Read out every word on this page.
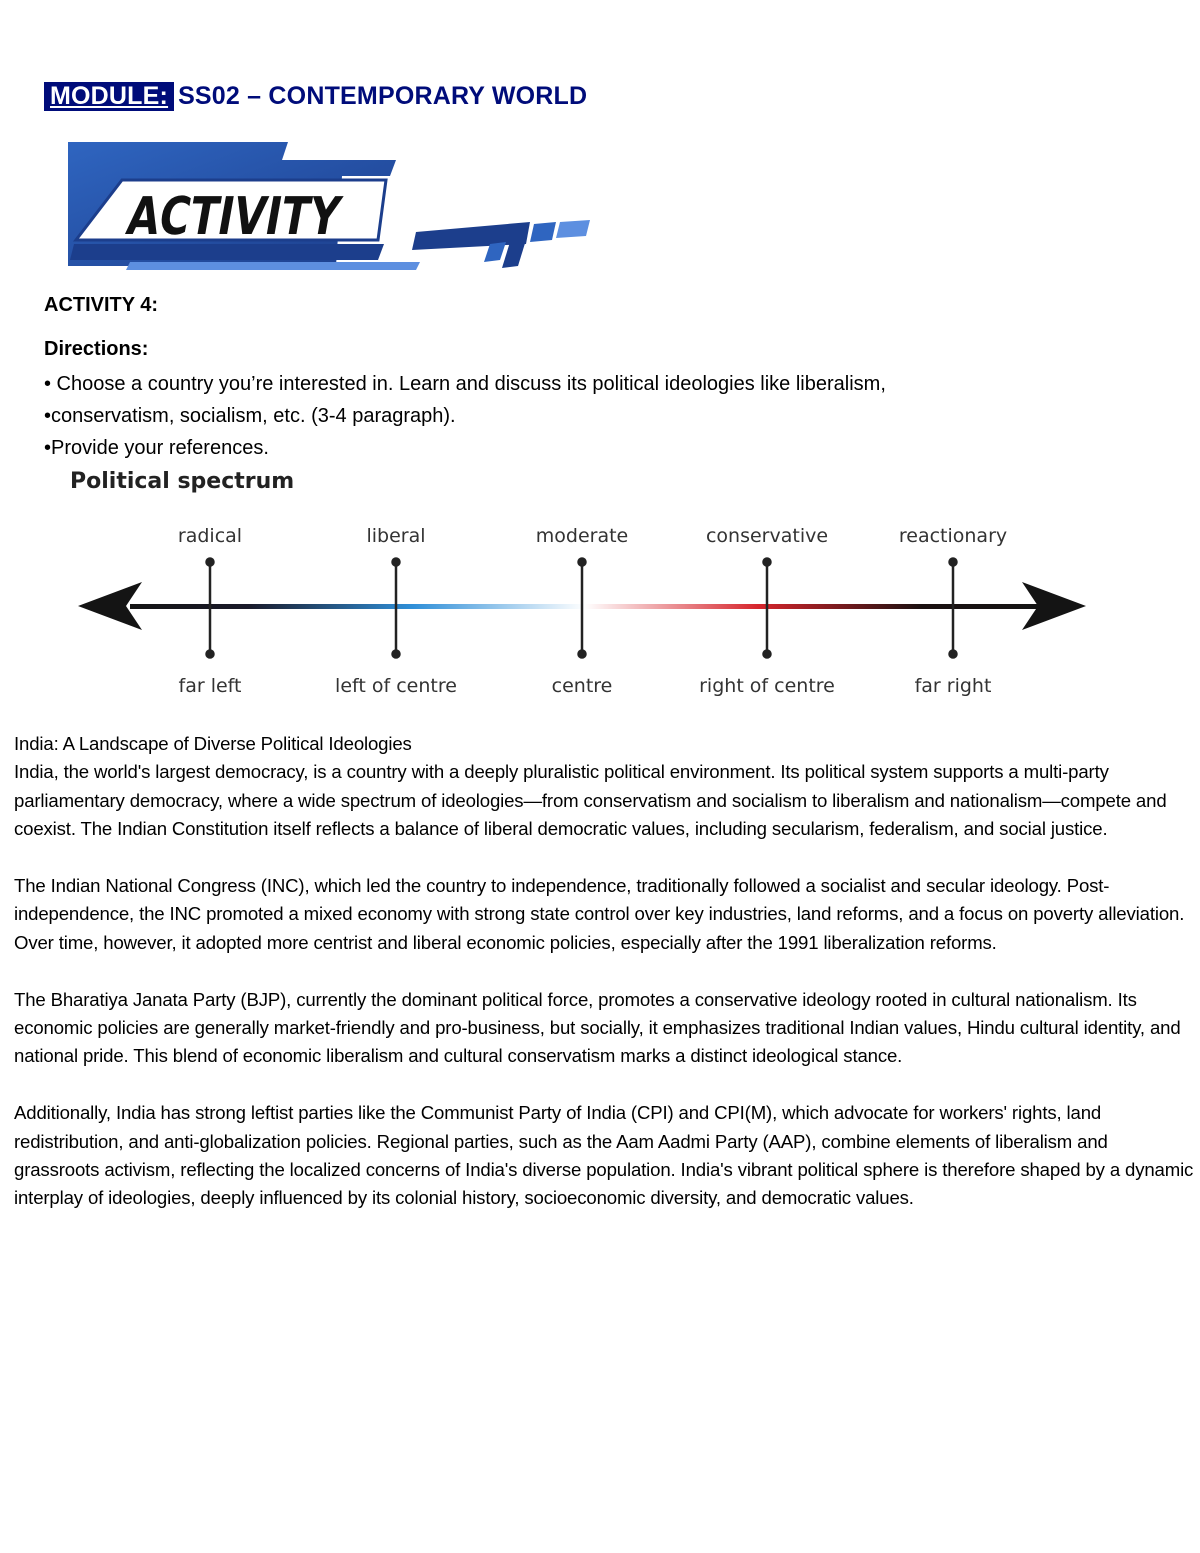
MODULE: SS02 – CONTEMPORARY WORLD
ACTIVITY
ACTIVITY 4:
Directions:
• Choose a country you’re interested in. Learn and discuss its political ideologies like liberalism,
•conservatism, socialism, etc. (3-4 paragraph).
•Provide your references.
Political spectrum
radical	liberal	moderate	conservative	reactionary
far left	left of centre	centre	right of centre	far right
India: A Landscape of Diverse Political Ideologies

India, the world's largest democracy, is a country with a deeply pluralistic political environment. Its political system supports a multi-party parliamentary democracy, where a wide spectrum of ideologies—from conservatism and socialism to liberalism and nationalism—compete and coexist. The Indian Constitution itself reflects a balance of liberal democratic values, including secularism, federalism, and social justice.

The Indian National Congress (INC), which led the country to independence, traditionally followed a socialist and secular ideology. Post-independence, the INC promoted a mixed economy with strong state control over key industries, land reforms, and a focus on poverty alleviation. Over time, however, it adopted more centrist and liberal economic policies, especially after the 1991 liberalization reforms.

The Bharatiya Janata Party (BJP), currently the dominant political force, promotes a conservative ideology rooted in cultural nationalism. Its economic policies are generally market-friendly and pro-business, but socially, it emphasizes traditional Indian values, Hindu cultural identity, and national pride. This blend of economic liberalism and cultural conservatism marks a distinct ideological stance.

Additionally, India has strong leftist parties like the Communist Party of India (CPI) and CPI(M), which advocate for workers' rights, land redistribution, and anti-globalization policies. Regional parties, such as the Aam Aadmi Party (AAP), combine elements of liberalism and grassroots activism, reflecting the localized concerns of India's diverse population. India's vibrant political sphere is therefore shaped by a dynamic interplay of ideologies, deeply influenced by its colonial history, socioeconomic diversity, and democratic values.
